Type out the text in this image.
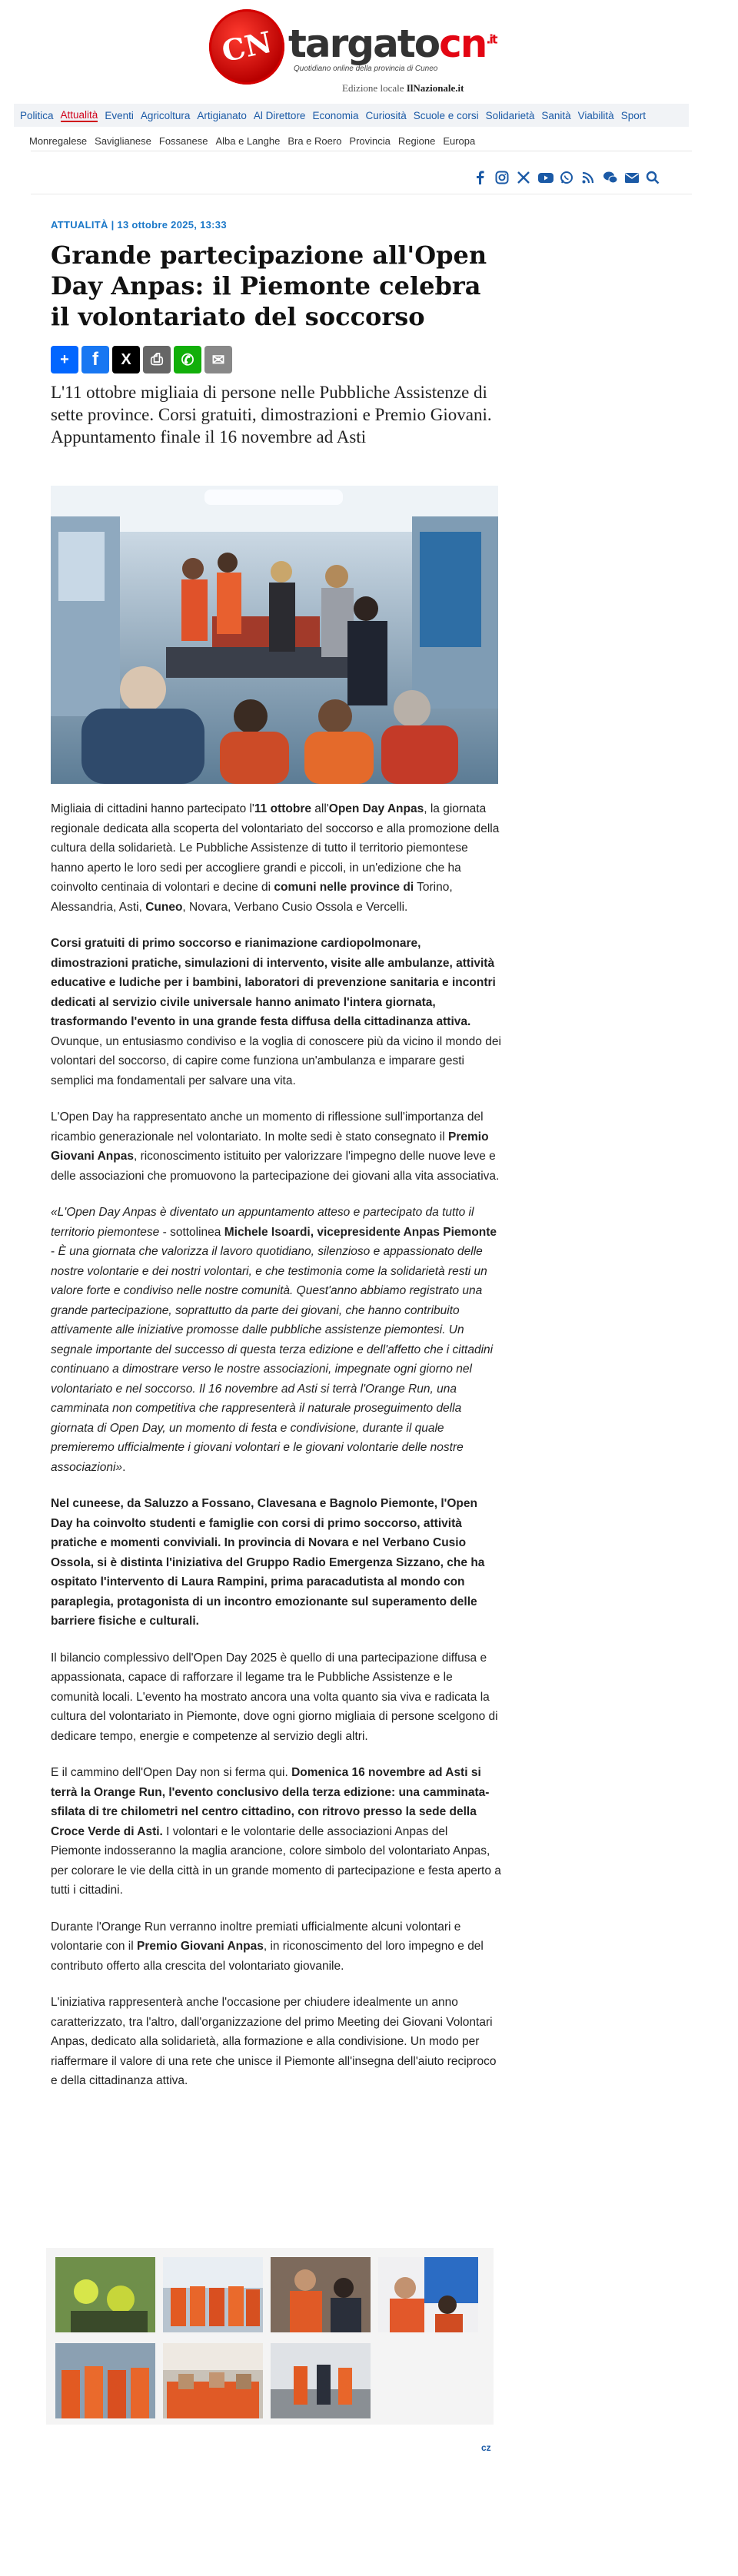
CN targatocn$^{.it}$
Quotidiano online della provincia di Cuneo
Edizione locale IlNazionale.it
Politica Attualità Eventi Agricoltura Artigianato Al Direttore Economia Curiosità Scuole e corsi Solidarietà Sanità Viabilità Sport
Monregalese Saviglianese Fossanese Alba e Langhe Bra e Roero Provincia Regione Europa
ATTUALITÀ | 13 ottobre 2025, 13:33
Grande partecipazione all'Open Day Anpas: il Piemonte celebra il volontariato del soccorso
+ f X ⎙ ✆ ✉

L'11 ottobre migliaia di persone nelle Pubbliche Assistenze di sette province. Corsi gratuiti, dimostrazioni e Premio Giovani. Appuntamento finale il 16 novembre ad Asti

Migliaia di cittadini hanno partecipato l'11 ottobre all'Open Day Anpas, la giornata regionale dedicata alla scoperta del volontariato del soccorso e alla promozione della cultura della solidarietà. Le Pubbliche Assistenze di tutto il territorio piemontese hanno aperto le loro sedi per accogliere grandi e piccoli, in un'edizione che ha coinvolto centinaia di volontari e decine di comuni nelle province di Torino, Alessandria, Asti, Cuneo, Novara, Verbano Cusio Ossola e Vercelli.

Corsi gratuiti di primo soccorso e rianimazione cardiopolmonare, dimostrazioni pratiche, simulazioni di intervento, visite alle ambulanze, attività educative e ludiche per i bambini, laboratori di prevenzione sanitaria e incontri dedicati al servizio civile universale hanno animato l'intera giornata, trasformando l'evento in una grande festa diffusa della cittadinanza attiva. Ovunque, un entusiasmo condiviso e la voglia di conoscere più da vicino il mondo dei volontari del soccorso, di capire come funziona un'ambulanza e imparare gesti semplici ma fondamentali per salvare una vita.

L'Open Day ha rappresentato anche un momento di riflessione sull'importanza del ricambio generazionale nel volontariato. In molte sedi è stato consegnato il Premio Giovani Anpas, riconoscimento istituito per valorizzare l'impegno delle nuove leve e delle associazioni che promuovono la partecipazione dei giovani alla vita associativa.

«L'Open Day Anpas è diventato un appuntamento atteso e partecipato da tutto il territorio piemontese - sottolinea Michele Isoardi, vicepresidente Anpas Piemonte - È una giornata che valorizza il lavoro quotidiano, silenzioso e appassionato delle nostre volontarie e dei nostri volontari, e che testimonia come la solidarietà resti un valore forte e condiviso nelle nostre comunità. Quest'anno abbiamo registrato una grande partecipazione, soprattutto da parte dei giovani, che hanno contribuito attivamente alle iniziative promosse dalle pubbliche assistenze piemontesi. Un segnale importante del successo di questa terza edizione e dell'affetto che i cittadini continuano a dimostrare verso le nostre associazioni, impegnate ogni giorno nel volontariato e nel soccorso. Il 16 novembre ad Asti si terrà l'Orange Run, una camminata non competitiva che rappresenterà il naturale proseguimento della giornata di Open Day, un momento di festa e condivisione, durante il quale premieremo ufficialmente i giovani volontari e le giovani volontarie delle nostre associazioni».

Nel cuneese, da Saluzzo a Fossano, Clavesana e Bagnolo Piemonte, l'Open Day ha coinvolto studenti e famiglie con corsi di primo soccorso, attività pratiche e momenti conviviali. In provincia di Novara e nel Verbano Cusio Ossola, si è distinta l'iniziativa del Gruppo Radio Emergenza Sizzano, che ha ospitato l'intervento di Laura Rampini, prima paracadutista al mondo con paraplegia, protagonista di un incontro emozionante sul superamento delle barriere fisiche e culturali.

Il bilancio complessivo dell'Open Day 2025 è quello di una partecipazione diffusa e appassionata, capace di rafforzare il legame tra le Pubbliche Assistenze e le comunità locali. L'evento ha mostrato ancora una volta quanto sia viva e radicata la cultura del volontariato in Piemonte, dove ogni giorno migliaia di persone scelgono di dedicare tempo, energie e competenze al servizio degli altri.

E il cammino dell'Open Day non si ferma qui. Domenica 16 novembre ad Asti si terrà la Orange Run, l'evento conclusivo della terza edizione: una camminata-sfilata di tre chilometri nel centro cittadino, con ritrovo presso la sede della Croce Verde di Asti. I volontari e le volontarie delle associazioni Anpas del Piemonte indosseranno la maglia arancione, colore simbolo del volontariato Anpas, per colorare le vie della città in un grande momento di partecipazione e festa aperto a tutti i cittadini.

Durante l'Orange Run verranno inoltre premiati ufficialmente alcuni volontari e volontarie con il Premio Giovani Anpas, in riconoscimento del loro impegno e del contributo offerto alla crescita del volontariato giovanile.

L'iniziativa rappresenterà anche l'occasione per chiudere idealmente un anno caratterizzato, tra l'altro, dall'organizzazione del primo Meeting dei Giovani Volontari Anpas, dedicato alla solidarietà, alla formazione e alla condivisione. Un modo per riaffermare il valore di una rete che unisce il Piemonte all'insegna dell'aiuto reciproco e della cittadinanza attiva.

cz
